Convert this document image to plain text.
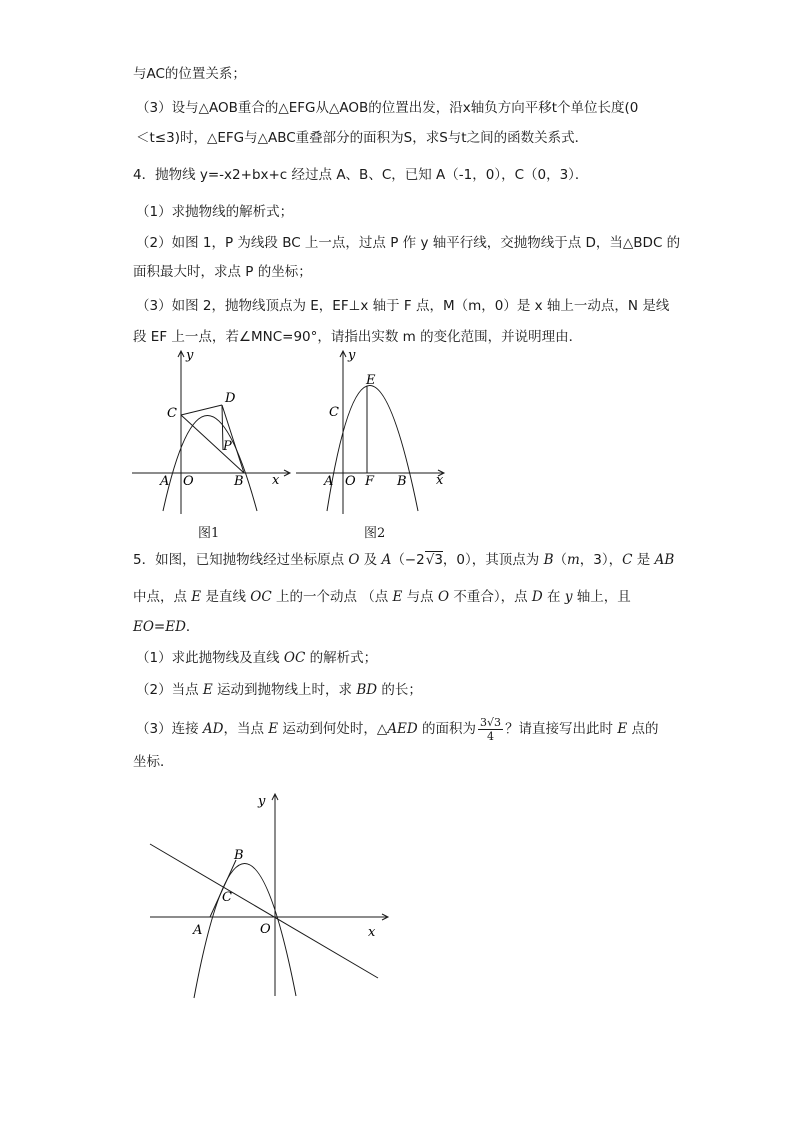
与AC的位置关系；
（3）设与△AOB重合的△EFG从△AOB的位置出发，沿x轴负方向平移t个单位长度(0
＜t≤3)时，△EFG与△ABC重叠部分的面积为S，求S与t之间的函数关系式．
4．抛物线 y=-x2+bx+c 经过点 A、B、C，已知 A（-1，0），C（0，3）．
（1）求抛物线的解析式；
（2）如图 1，P 为线段 BC 上一点，过点 P 作 y 轴平行线，交抛物线于点 D，当△BDC 的
面积最大时，求点 P 的坐标；
（3）如图 2，抛物线顶点为 E，EF⊥x 轴于 F 点，M（m，0）是 x 轴上一动点，N 是线
段 EF 上一点，若∠MNC=90°，请指出实数 m 的变化范围，并说明理由．
y
x
C
D
P
A O	B
图1
y
x
E
C
A O F B
图2
5．如图，已知抛物线经过坐标原点 O 及 A（−2√3，0），其顶点为 B（m，3），C 是 AB
中点，点 E 是直线 OC 上的一个动点 （点 E 与点 O 不重合），点 D 在 y 轴上，且
EO=ED．
（1）求此抛物线及直线 OC 的解析式；
（2）当点 E 运动到抛物线上时，求 BD 的长；
（3）连接 AD，当点 E 运动到何处时，△AED 的面积为 $\frac{3√3}{4}$ ？请直接写出此时 E 点的
坐标．
y
x
B
C
A	O
